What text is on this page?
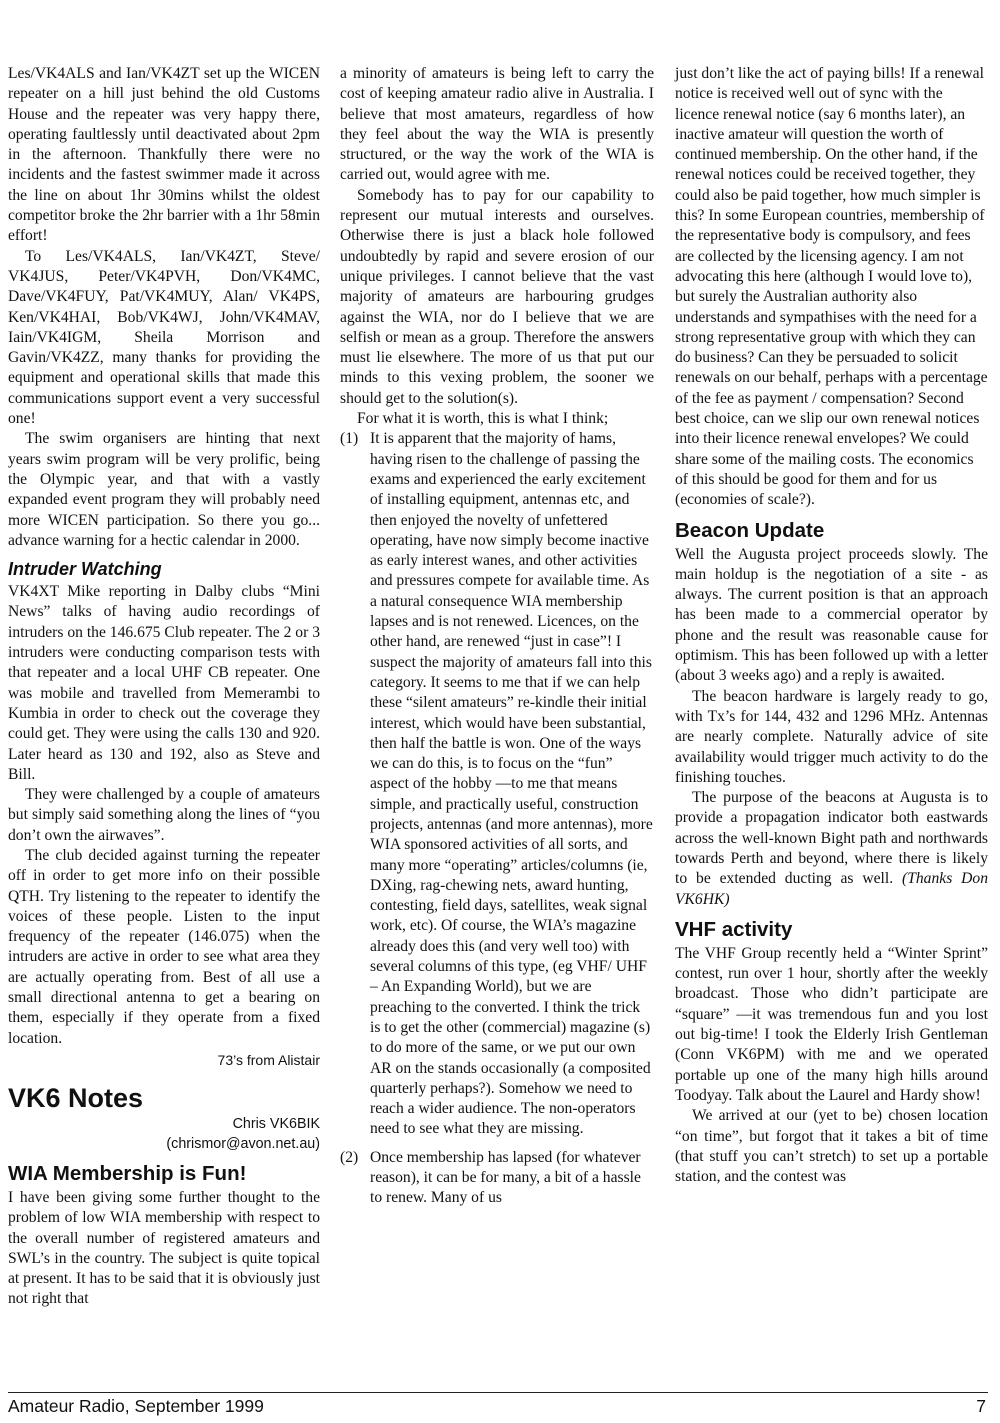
Les/VK4ALS and Ian/VK4ZT set up the WICEN repeater on a hill just behind the old Customs House and the repeater was very happy there, operating faultlessly until deactivated about 2pm in the afternoon. Thankfully there were no incidents and the fastest swimmer made it across the line on about 1hr 30mins whilst the oldest competitor broke the 2hr barrier with a 1hr 58min effort!

To Les/VK4ALS, Ian/VK4ZT, Steve/ VK4JUS, Peter/VK4PVH, Don/VK4MC, Dave/VK4FUY, Pat/VK4MUY, Alan/ VK4PS, Ken/VK4HAI, Bob/VK4WJ, John/VK4MAV, Iain/VK4IGM, Sheila Morrison and Gavin/VK4ZZ, many thanks for providing the equipment and operational skills that made this communications support event a very successful one!

The swim organisers are hinting that next years swim program will be very prolific, being the Olympic year, and that with a vastly expanded event program they will probably need more WICEN participation. So there you go... advance warning for a hectic calendar in 2000.

Intruder Watching

VK4XT Mike reporting in Dalby clubs “Mini News” talks of having audio recordings of intruders on the 146.675 Club repeater. The 2 or 3 intruders were conducting comparison tests with that repeater and a local UHF CB repeater. One was mobile and travelled from Memerambi to Kumbia in order to check out the coverage they could get. They were using the calls 130 and 920. Later heard as 130 and 192, also as Steve and Bill.

They were challenged by a couple of amateurs but simply said something along the lines of “you don’t own the airwaves”.

The club decided against turning the repeater off in order to get more info on their possible QTH. Try listening to the repeater to identify the voices of these people. Listen to the input frequency of the repeater (146.075) when the intruders are active in order to see what area they are actually operating from. Best of all use a small directional antenna to get a bearing on them, especially if they operate from a fixed location.

73’s from Alistair
VK6 Notes
Chris VK6BIK
(chrismor@avon.net.au)
WIA Membership is Fun!

I have been giving some further thought to the problem of low WIA membership with respect to the overall number of registered amateurs and SWL’s in the country. The subject is quite topical at present. It has to be said that it is obviously just not right that

a minority of amateurs is being left to carry the cost of keeping amateur radio alive in Australia. I believe that most amateurs, regardless of how they feel about the way the WIA is presently structured, or the way the work of the WIA is carried out, would agree with me.

Somebody has to pay for our capability to represent our mutual interests and ourselves. Otherwise there is just a black hole followed undoubtedly by rapid and severe erosion of our unique privileges. I cannot believe that the vast majority of amateurs are harbouring grudges against the WIA, nor do I believe that we are selfish or mean as a group. Therefore the answers must lie elsewhere. The more of us that put our minds to this vexing problem, the sooner we should get to the solution(s).

For what it is worth, this is what I think;

(1) It is apparent that the majority of hams, having risen to the challenge of passing the exams and experienced the early excitement of installing equipment, antennas etc, and then enjoyed the novelty of unfettered operating, have now simply become inactive as early interest wanes, and other activities and pressures compete for available time. As a natural consequence WIA membership lapses and is not renewed. Licences, on the other hand, are renewed “just in case”! I suspect the majority of amateurs fall into this category. It seems to me that if we can help these “silent amateurs” re-kindle their initial interest, which would have been substantial, then half the battle is won. One of the ways we can do this, is to focus on the “fun” aspect of the hobby —to me that means simple, and practically useful, construction projects, antennas (and more antennas), more WIA sponsored activities of all sorts, and many more “operating” articles/columns (ie, DXing, rag-chewing nets, award hunting, contesting, field days, satellites, weak signal work, etc). Of course, the WIA’s magazine already does this (and very well too) with several columns of this type, (eg VHF/ UHF – An Expanding World), but we are preaching to the converted. I think the trick is to get the other (commercial) magazine (s) to do more of the same, or we put our own AR on the stands occasionally (a composited quarterly perhaps?). Somehow we need to reach a wider audience. The non-operators need to see what they are missing.
(2) Once membership has lapsed (for whatever reason), it can be for many, a bit of a hassle to renew. Many of us

just don’t like the act of paying bills! If a renewal notice is received well out of sync with the licence renewal notice (say 6 months later), an inactive amateur will question the worth of continued membership. On the other hand, if the renewal notices could be received together, they could also be paid together, how much simpler is this? In some European countries, membership of the representative body is compulsory, and fees are collected by the licensing agency. I am not advocating this here (although I would love to), but surely the Australian authority also understands and sympathises with the need for a strong representative group with which they can do business? Can they be persuaded to solicit renewals on our behalf, perhaps with a percentage of the fee as payment / compensation? Second best choice, can we slip our own renewal notices into their licence renewal envelopes? We could share some of the mailing costs. The economics of this should be good for them and for us (economies of scale?).

Beacon Update

Well the Augusta project proceeds slowly. The main holdup is the negotiation of a site - as always. The current position is that an approach has been made to a commercial operator by phone and the result was reasonable cause for optimism. This has been followed up with a letter (about 3 weeks ago) and a reply is awaited.

The beacon hardware is largely ready to go, with Tx’s for 144, 432 and 1296 MHz. Antennas are nearly complete. Naturally advice of site availability would trigger much activity to do the finishing touches.

The purpose of the beacons at Augusta is to provide a propagation indicator both eastwards across the well-known Bight path and northwards towards Perth and beyond, where there is likely to be extended ducting as well. (Thanks Don VK6HK)

VHF activity

The VHF Group recently held a “Winter Sprint” contest, run over 1 hour, shortly after the weekly broadcast. Those who didn’t participate are “square” —it was tremendous fun and you lost out big-time! I took the Elderly Irish Gentleman (Conn VK6PM) with me and we operated portable up one of the many high hills around Toodyay. Talk about the Laurel and Hardy show!

We arrived at our (yet to be) chosen location “on time”, but forgot that it takes a bit of time (that stuff you can’t stretch) to set up a portable station, and the contest was

Amateur Radio, September 1999	7
